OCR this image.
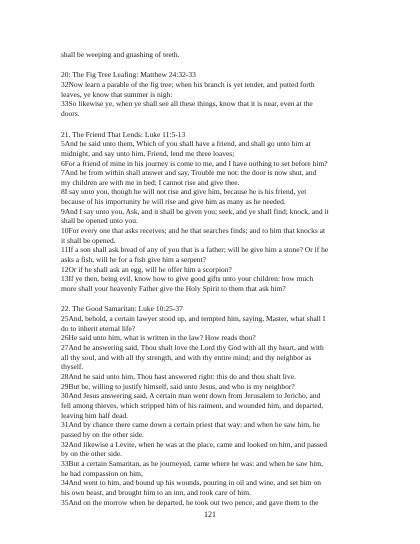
shall be weeping and gnashing of teeth.
20: The Fig Tree Leafing: Matthew 24:32-33
32Now learn a parable of the fig tree; when his branch is yet tender, and putted forth
leaves, ye know that summer is nigh:
33So likewise ye, when ye shall see all these things, know that it is near, even at the
doors.
21. The Friend That Lends: Luke 11:5-13
5And he said unto them, Which of you shall have a friend, and shall go unto him at
midnight, and say unto him, Friend, lend me three loaves;
6For a friend of mine in his journey is come to me, and I have nothing to set before him?
7And he from within shall answer and say, Trouble me not: the door is now shut, and
my children are with me in bed; I cannot rise and give thee.
8I say unto you, though he will not rise and give him, because he is his friend, yet
because of his importunity he will rise and give him as many as he needed.
9And I say unto you, Ask, and it shall be given you; seek, and ye shall find; knock, and it
shall be opened unto you.
10For every one that asks receives; and he that searches finds; and to him that knocks at
it shall be opened.
11If a son shall ask bread of any of you that is a father; will he give him a stone? Or if he
asks a fish, will he for a fish give him a serpent?
12Or if he shall ask an egg, will he offer him a scorpion?
13If ye then, being evil, know how to give good gifts unto your children: how much
more shall your heavenly Father give the Holy Spirit to them that ask him?
22. The Good Samaritan: Luke 10:25-37
25And, behold, a certain lawyer stood up, and tempted him, saying, Master, what shall I
do to inherit eternal life?
26He said unto him, what is written in the law? How reads thou?
27And he answering said, Thou shalt love the Lord thy God with all thy heart, and with
all thy soul, and with all thy strength, and with thy entire mind; and thy neighbor as
thyself.
28And he said unto him, Thou hast answered right: this do and thou shalt live.
29But he, willing to justify himself, said unto Jesus, and who is my neighbor?
30And Jesus answering said, A certain man went down from Jerusalem to Jericho, and
fell among thieves, which stripped him of his raiment, and wounded him, and departed,
leaving him half dead.
31And by chance there came down a certain priest that way: and when he saw him, he
passed by on the other side.
32And likewise a Levite, when he was at the place, came and looked on him, and passed
by on the other side.
33But a certain Samaritan, as he journeyed, came where he was: and when he saw him,
he had compassion on him,
34And went to him, and bound up his wounds, pouring in oil and wine, and set him on
his own beast, and brought him to an inn, and took care of him.
35And on the morrow when he departed, he took out two pence, and gave them to the
121
